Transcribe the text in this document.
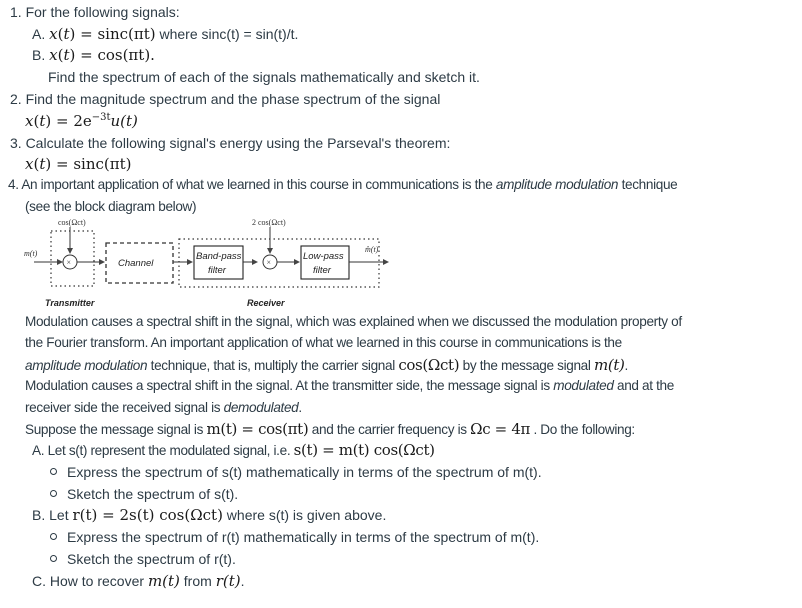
1. For the following signals:
A. x(t) = sinc(πt) where sinc(t) = sin(t)/t.
B. x(t) = cos(πt).
Find the spectrum of each of the signals mathematically and sketch it.
2. Find the magnitude spectrum and the phase spectrum of the signal
$x(t) = 2e^{-3t}u(t)$
3. Calculate the following signal's energy using the Parseval's theorem:
x(t) = sinc(πt)
4. An important application of what we learned in this course in communications is the amplitude modulation technique
(see the block diagram below)
cos(Ωct)
m(t)
×	Channel
Band-pass
filter
2 cos(Ωct)
×
Low-pass
filter
m̂(t)
Transmitter	Receiver
Modulation causes a spectral shift in the signal, which was explained when we discussed the modulation property of
the Fourier transform. An important application of what we learned in this course in communications is the
amplitude modulation technique, that is, multiply the carrier signal cos(Ωct) by the message signal m(t).
Modulation causes a spectral shift in the signal. At the transmitter side, the message signal is modulated and at the
receiver side the received signal is demodulated.
Suppose the message signal is m(t) = cos(πt) and the carrier frequency is Ωc = 4π . Do the following:
A. Let s(t) represent the modulated signal, i.e. s(t) = m(t) cos(Ωct)
Express the spectrum of s(t) mathematically in terms of the spectrum of m(t).
Sketch the spectrum of s(t).
B. Let r(t) = 2s(t) cos(Ωct) where s(t) is given above.
Express the spectrum of r(t) mathematically in terms of the spectrum of m(t).
Sketch the spectrum of r(t).
C. How to recover m(t) from r(t).
